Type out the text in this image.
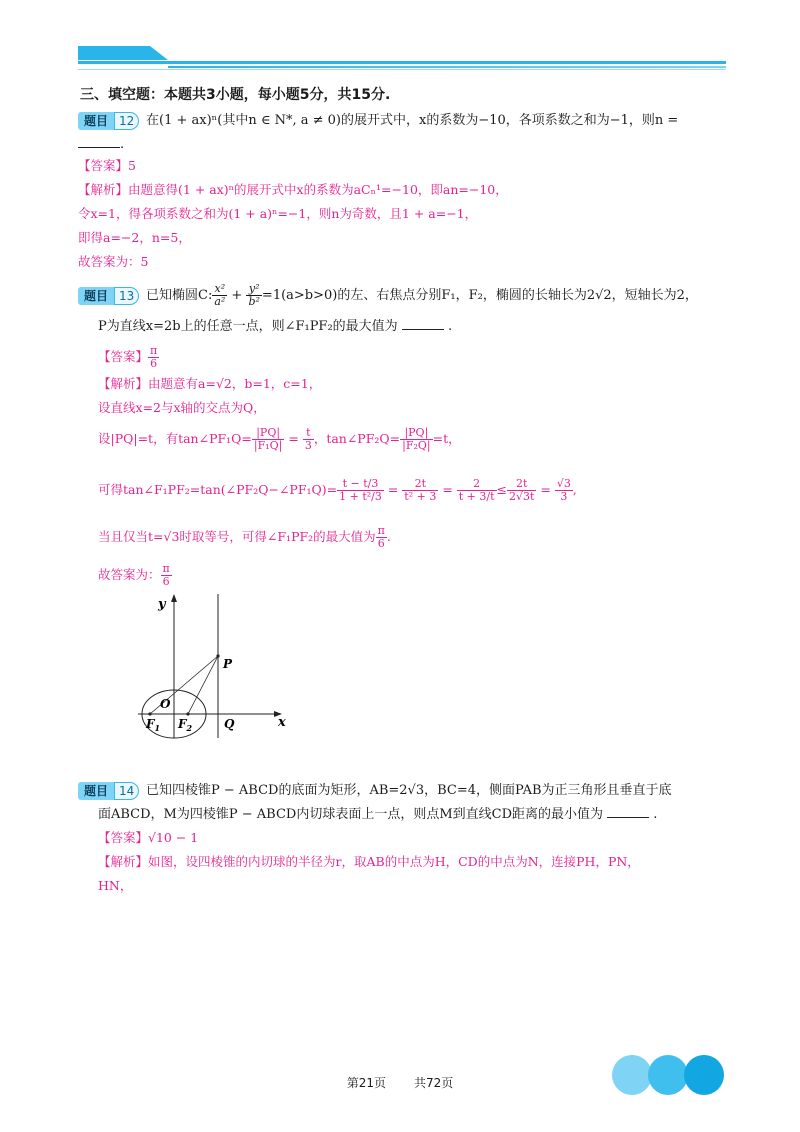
三、填空题：本题共3小题，每小题5分，共15分.
题目 12 在(1 + ax)ⁿ(其中n ∈ N*, a ≠ 0)的展开式中，x的系数为−10，各项系数之和为−1，则n =
.
【答案】5
【解析】由题意得(1 + ax)ⁿ的展开式中x的系数为aCₙ¹=−10，即an=−10，
令x=1，得各项系数之和为(1 + a)ⁿ=−1，则n为奇数，且1 + a=−1，
即得a=−2，n=5，
故答案为：5
题目 13 已知椭圆C: $\frac{\text{x²}}{\text{a²}} + \frac{\text{y²}}{\text{b²}} =1(a>b>0)$的左、右焦点分别F₁，F₂，椭圆的长轴长为2√2，短轴长为2，
P为直线x=2b上的任意一点，则∠F₁PF₂的最大值为	.
【答案】 $\frac{\pi}{6}$
【解析】由题意有a=√2，b=1，c=1，
设直线x=2与x轴的交点为Q，
设|PQ|=t，有tan∠PF₁Q= $\frac{|PQ|}{\text{|F₁Q|}} = \frac{t}{3}$ ，tan∠PF₂Q= $\frac{|PQ|}{\text{|F₂Q|}} =t$，
可得tan∠F₁PF₂=tan(∠PF₂Q−∠PF₁Q)= $\frac{t - t/3}{\text{1 + t²/3}} = \frac{2t}{\text{t² + 3}} = \frac{2}{t + 3/t} \le \frac{2t}{2√3t} = \frac{√3}{3}$ ,
当且仅当t=√3时取等号，可得∠F₁PF₂的最大值为 $\frac{\pi}{6}$ .
故答案为： $\frac{\pi}{6}$
y
x
O
P
Q
$F_1$ $F_2$
题目 14 已知四棱锥P − ABCD的底面为矩形，AB=2√3，BC=4，侧面PAB为正三角形且垂直于底
面ABCD，M为四棱锥P − ABCD内切球表面上一点，则点M到直线CD距离的最小值为	.
【答案】√10 − 1
【解析】如图，设四棱锥的内切球的半径为r，取AB的中点为H，CD的中点为N，连接PH，PN，
HN，
第21页 共72页
